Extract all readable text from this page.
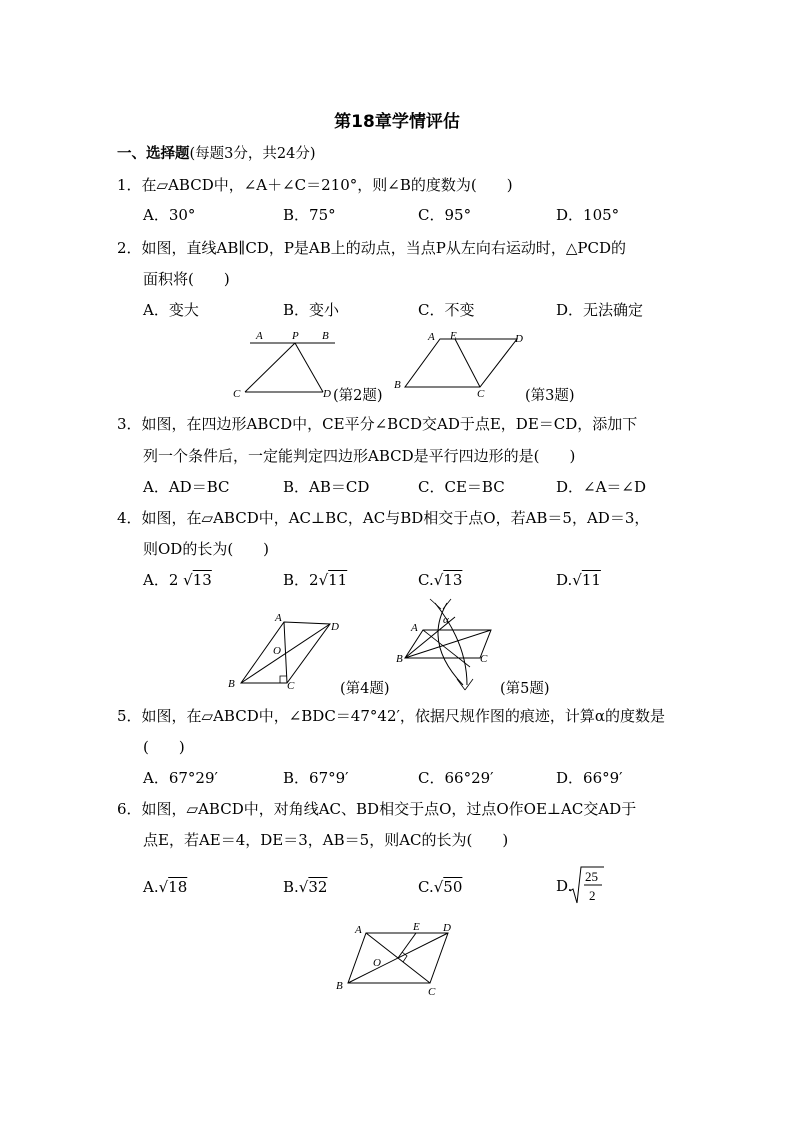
第18章学情评估
一、选择题(每题3分，共24分)
1．在▱ABCD中，∠A＋∠C＝210°，则∠B的度数为(　　)
A．30°	B．75°	C．95°	D．105°
2．如图，直线AB∥CD，P是AB上的动点，当点P从左向右运动时，△PCD的
面积将(　　)
A．变大	B．变小	C．不变	D．无法确定
A	P B
C	D (第2题)
A E	D
B
C	(第3题)
3．如图，在四边形ABCD中，CE平分∠BCD交AD于点E，DE＝CD，添加下
列一个条件后，一定能判定四边形ABCD是平行四边形的是(　　)
A．AD＝BC	B．AB＝CD	C．CE＝BC	D．∠A＝∠D
4．如图，在▱ABCD中，AC⊥BC，AC与BD相交于点O，若AB＝5，AD＝3，
则OD的长为(　　)
A．2 √13	B．2√11	C.√13	D.√11
A
D
O
B	C	(第4题)
α
A
B	C
(第5题)
5．如图，在▱ABCD中，∠BDC＝47°42′，依据尺规作图的痕迹，计算α的度数是
(　　)
A．67°29′	B．67°9′	C．66°29′	D．66°9′
6．如图，▱ABCD中，对角线AC、BD相交于点O，过点O作OE⊥AC交AD于
点E，若AE＝4，DE＝3，AB＝5，则AC的长为(　　)
A.√18	B.√32	C.√50	D.
25
2
A	E D
O
B	C
